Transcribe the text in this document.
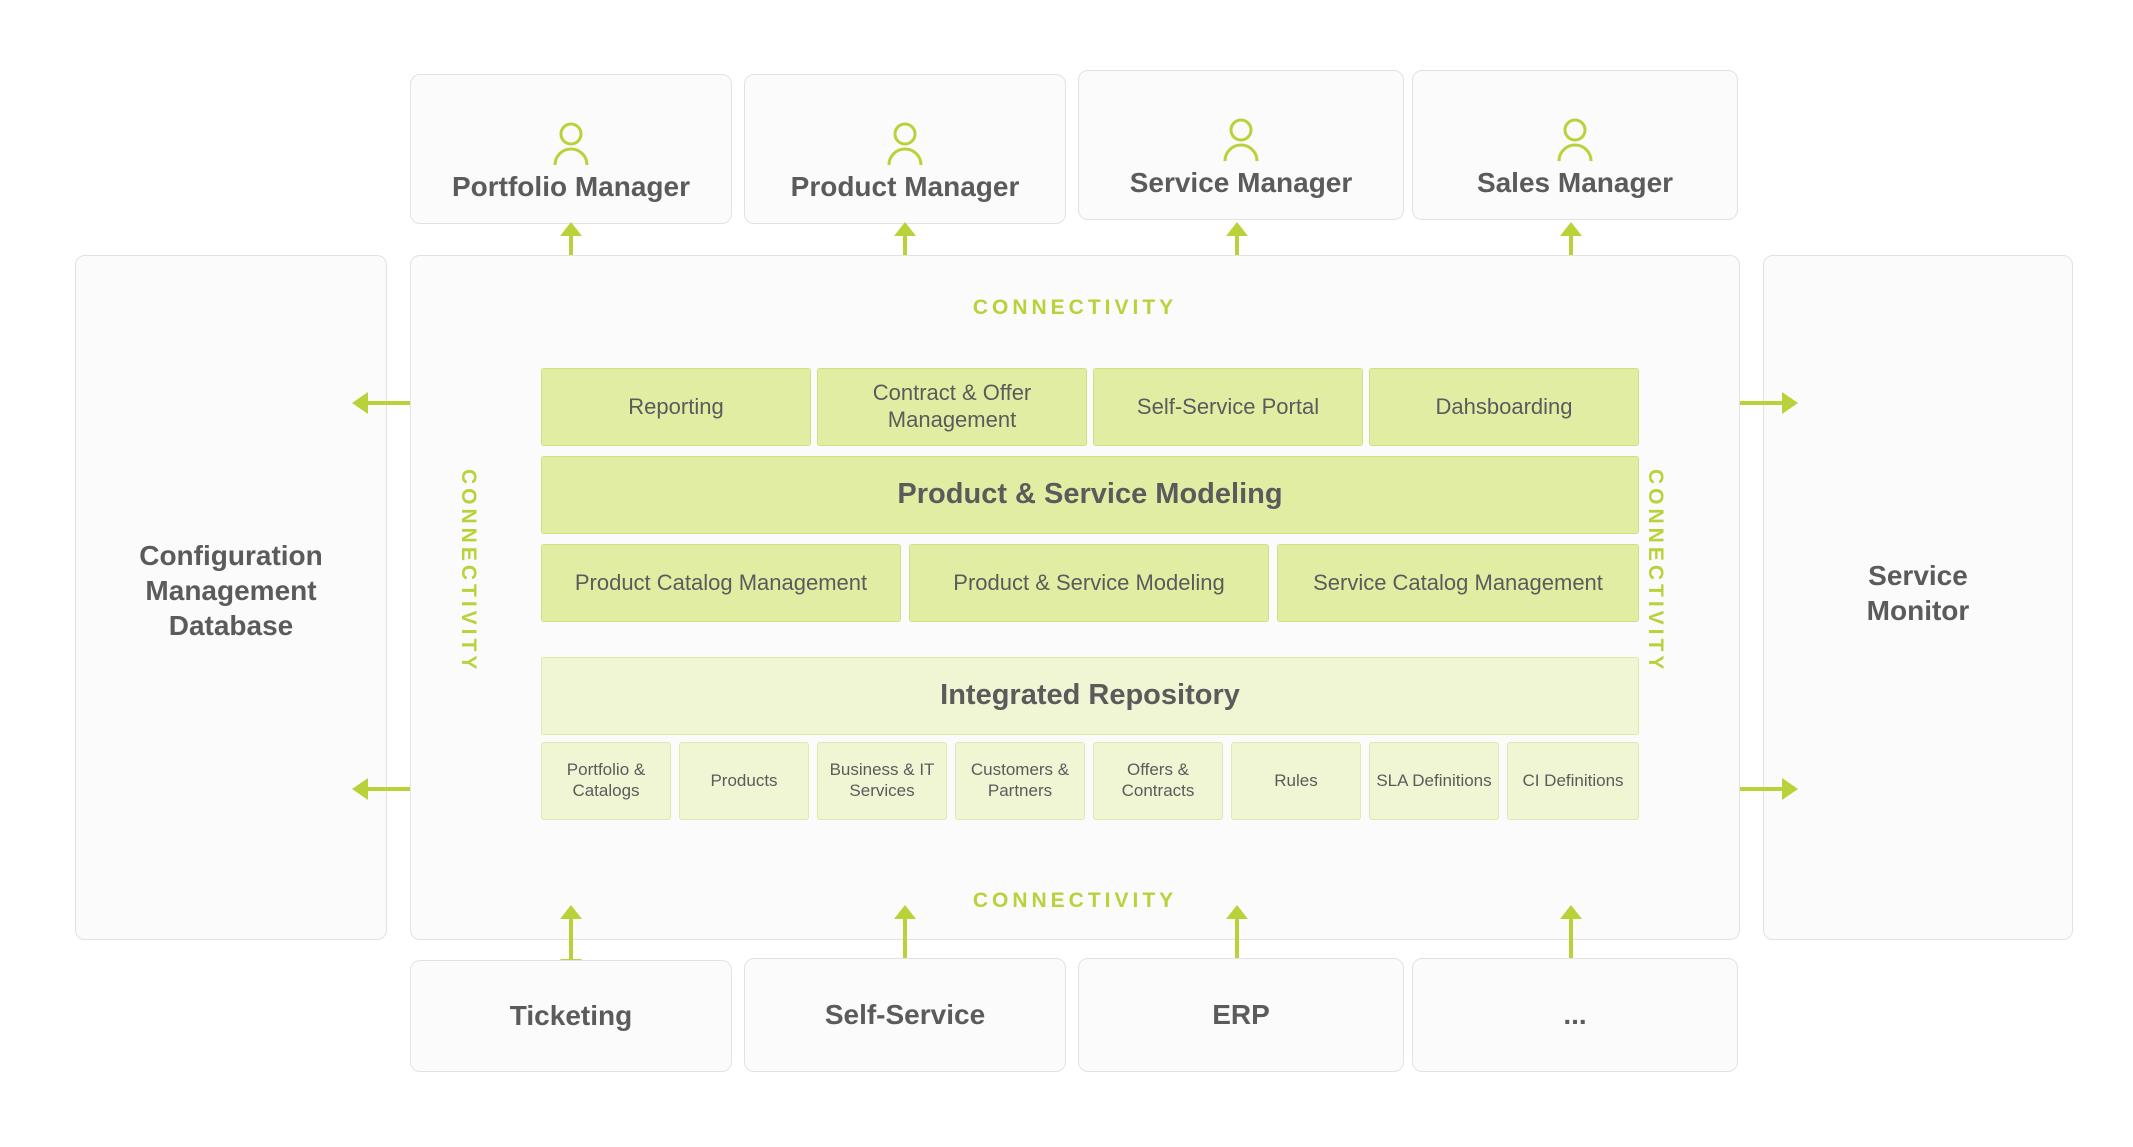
Portfolio Manager	Product Manager	Service Manager	Sales Manager
Configuration
Management
Database
Service
Monitor
CONNECTIVITY
CONNECTIVITY
CONNECTIVITY	CONNECTIVITY
Reporting
Contract & Offer Management
Self-Service Portal	Dahsboarding
Product & Service Modeling
Product Catalog Management	Product & Service Modeling	Service Catalog Management
Integrated Repository
Portfolio & Catalogs
Products
Business & IT Services
Customers & Partners
Offers & Contracts
Rules	SLA Definitions CI Definitions
Ticketing	Self-Service	ERP	...
